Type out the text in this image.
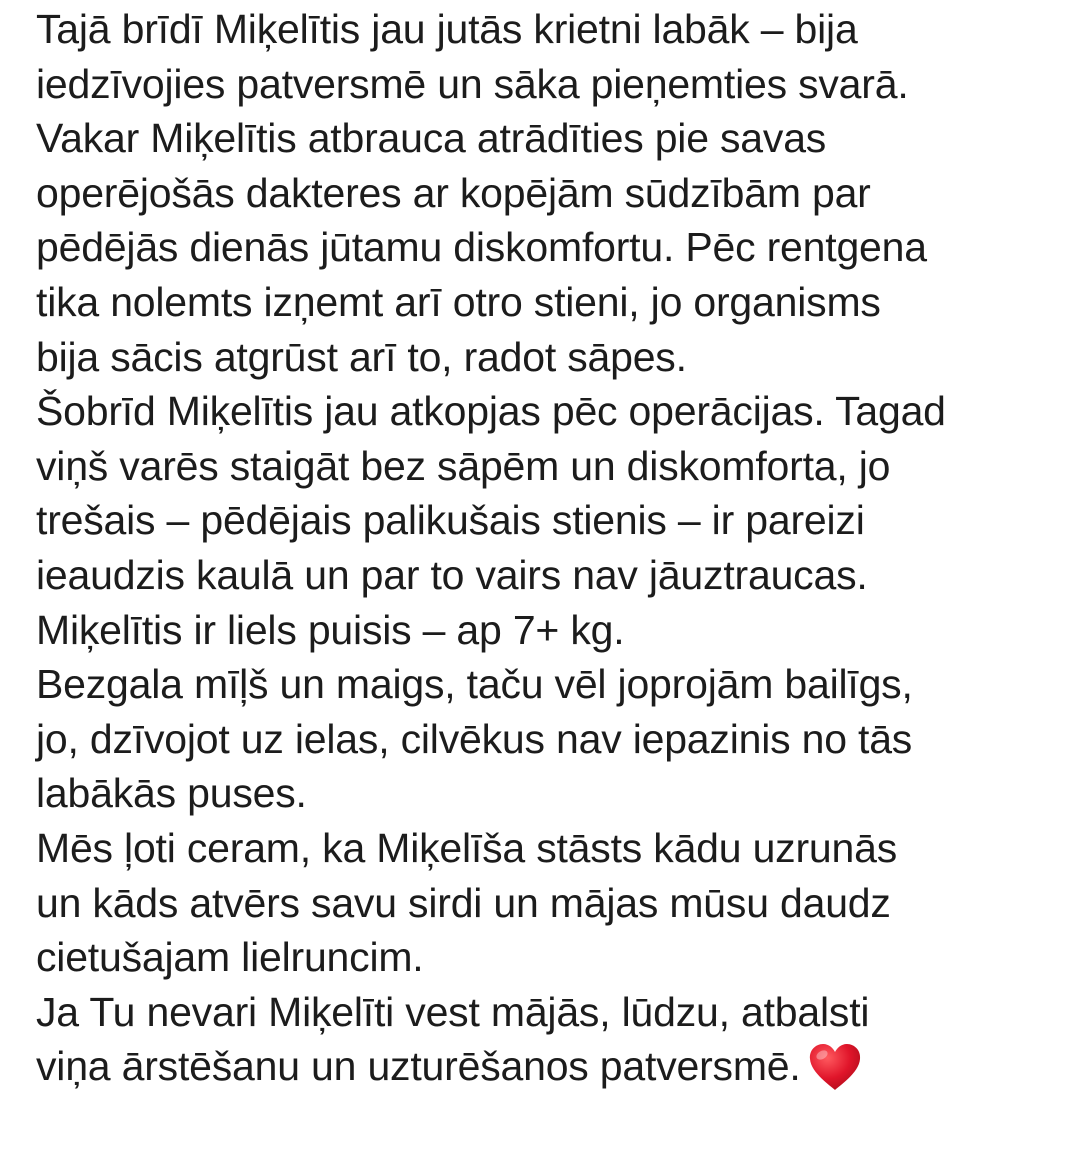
Tajā brīdī Miķelītis jau jutās krietni labāk – bija
iedzīvojies patversmē un sāka pieņemties svarā.
Vakar Miķelītis atbrauca atrādīties pie savas
operējošās dakteres ar kopējām sūdzībām par
pēdējās dienās jūtamu diskomfortu. Pēc rentgena
tika nolemts izņemt arī otro stieni, jo organisms
bija sācis atgrūst arī to, radot sāpes.
Šobrīd Miķelītis jau atkopjas pēc operācijas. Tagad
viņš varēs staigāt bez sāpēm un diskomforta, jo
trešais – pēdējais palikušais stienis – ir pareizi
ieaudzis kaulā un par to vairs nav jāuztraucas.
Miķelītis ir liels puisis – ap 7+ kg.
Bezgala mīļš un maigs, taču vēl joprojām bailīgs,
jo, dzīvojot uz ielas, cilvēkus nav iepazinis no tās
labākās puses.
Mēs ļoti ceram, ka Miķelīša stāsts kādu uzrunās
un kāds atvērs savu sirdi un mājas mūsu daudz
cietušajam lielruncim.
Ja Tu nevari Miķelīti vest mājās, lūdzu, atbalsti
viņa ārstēšanu un uzturēšanos patversmē.
